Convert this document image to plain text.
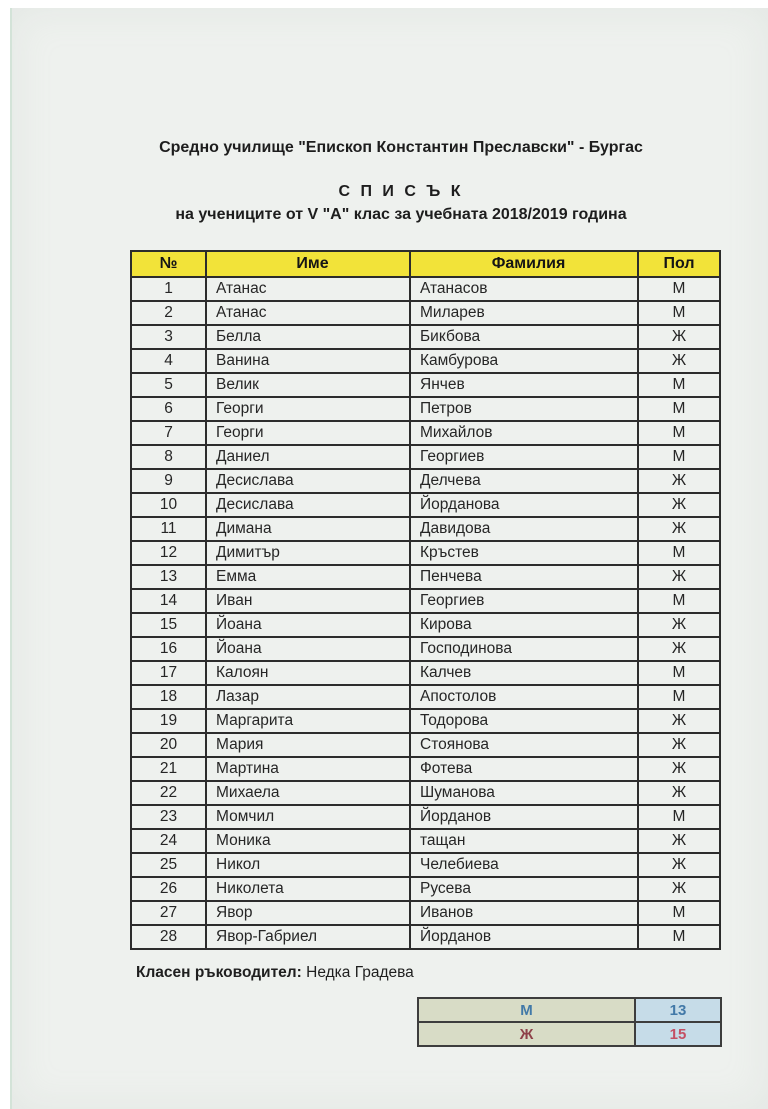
Средно училище "Епископ Константин Преславски" - Бургас
С П И С Ъ К
на учениците от V "А" клас за учебната 2018/2019 година
№	Име	Фамилия	Пол
1	Атанас	Атанасов	М
2	Атанас	Миларев	М
3	Белла	Бикбова	Ж
4	Ванина	Камбурова	Ж
5	Велик	Янчев	М
6	Георги	Петров	М
7	Георги	Михайлов	М
8	Даниел	Георгиев	М
9	Десислава	Делчева	Ж
10	Десислава	Йорданова	Ж
11	Димана	Давидова	Ж
12	Димитър	Кръстев	М
13	Емма	Пенчева	Ж
14	Иван	Георгиев	М
15	Йоана	Кирова	Ж
16	Йоана	Господинова	Ж
17	Калоян	Калчев	М
18	Лазар	Апостолов	М
19	Маргарита	Тодорова	Ж
20	Мария	Стоянова	Ж
21	Мартина	Фотева	Ж
22	Михаела	Шуманова	Ж
23	Момчил	Йорданов	М
24	Моника	тащан	Ж
25	Никол	Челебиева	Ж
26	Николета	Русева	Ж
27	Явор	Иванов	М
28	Явор-Габриел	Йорданов	М
Класен ръководител: Недка Градева
М	13
Ж	15
